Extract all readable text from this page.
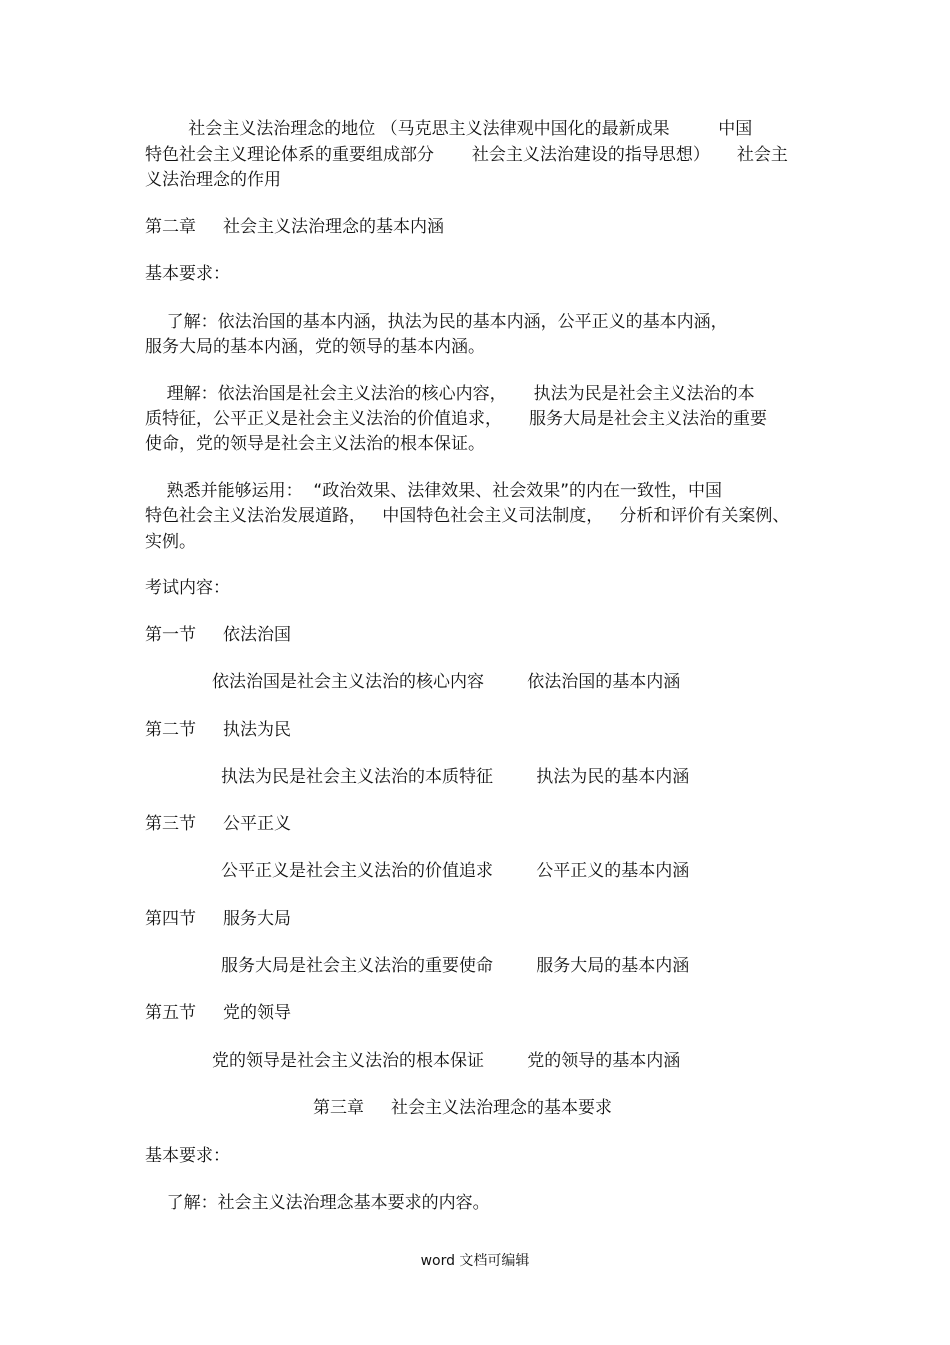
社会主义法治理念的地位 （马克思主义法律观中国化的最新成果         中国
特色社会主义理论体系的重要组成部分       社会主义法治建设的指导思想）     社会主
义法治理念的作用
第二章     社会主义法治理念的基本内涵
基本要求：
了解：依法治国的基本内涵，执法为民的基本内涵，公平正义的基本内涵，
服务大局的基本内涵，党的领导的基本内涵。
理解：依法治国是社会主义法治的核心内容，     执法为民是社会主义法治的本
质特征，公平正义是社会主义法治的价值追求，     服务大局是社会主义法治的重要
使命，党的领导是社会主义法治的根本保证。
熟悉并能够运用：  “政治效果、法律效果、社会效果”的内在一致性，中国
特色社会主义法治发展道路，   中国特色社会主义司法制度，   分析和评价有关案例、
实例。
考试内容：
第一节     依法治国
依法治国是社会主义法治的核心内容        依法治国的基本内涵
第二节     执法为民
执法为民是社会主义法治的本质特征        执法为民的基本内涵
第三节     公平正义
公平正义是社会主义法治的价值追求        公平正义的基本内涵
第四节     服务大局
服务大局是社会主义法治的重要使命        服务大局的基本内涵
第五节     党的领导
党的领导是社会主义法治的根本保证        党的领导的基本内涵
第三章     社会主义法治理念的基本要求
基本要求：
了解：社会主义法治理念基本要求的内容。
word 文档可编辑
